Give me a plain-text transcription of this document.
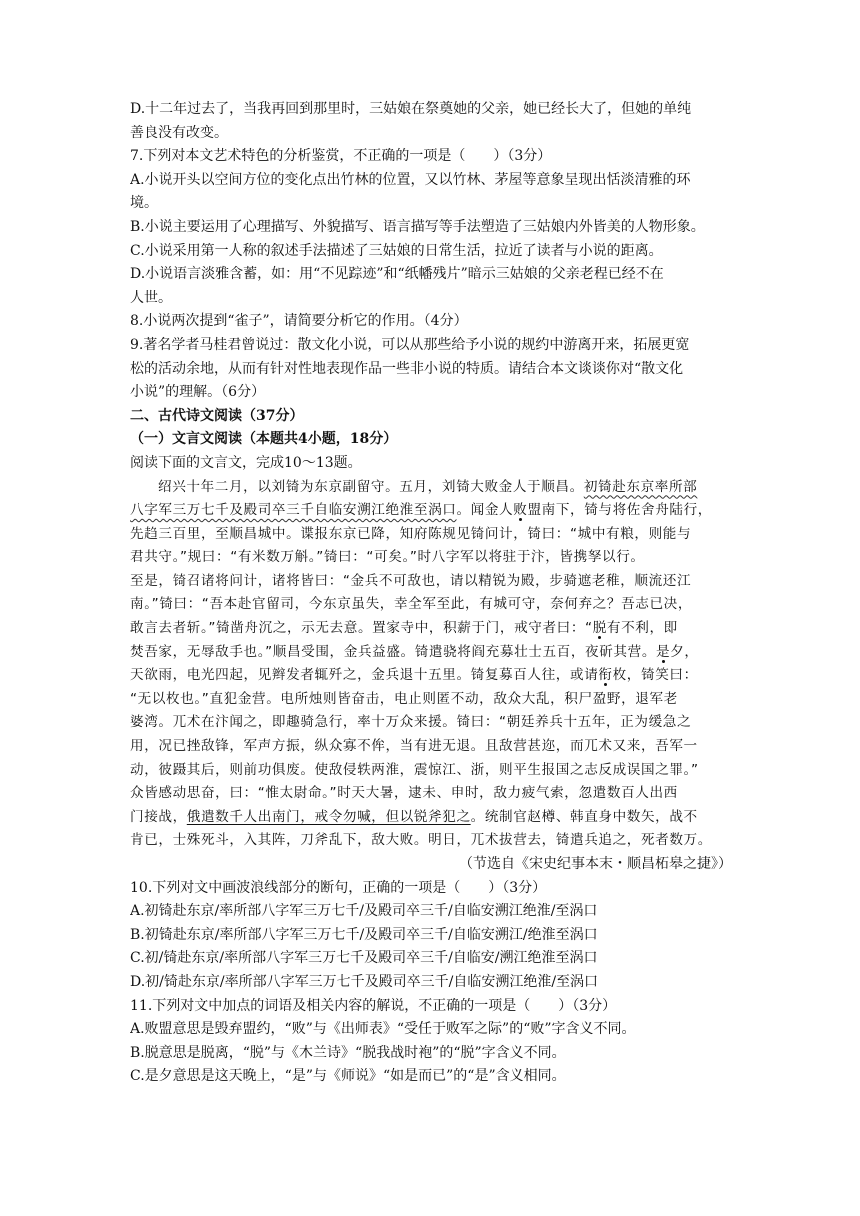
D.十二年过去了，当我再回到那里时，三姑娘在祭奠她的父亲，她已经长大了，但她的单纯
善良没有改变。
7.下列对本文艺术特色的分析鉴赏，不正确的一项是（　　）（3分）
A.小说开头以空间方位的变化点出竹林的位置，又以竹林、茅屋等意象呈现出恬淡清雅的环
境。
B.小说主要运用了心理描写、外貌描写、语言描写等手法塑造了三姑娘内外皆美的人物形象。
C.小说采用第一人称的叙述手法描述了三姑娘的日常生活，拉近了读者与小说的距离。
D.小说语言淡雅含蓄，如：用“不见踪迹”和“纸幡残片”暗示三姑娘的父亲老程已经不在
人世。
8.小说两次提到“雀子”，请简要分析它的作用。（4分）
9.著名学者马桂君曾说过：散文化小说，可以从那些给予小说的规约中游离开来，拓展更宽
松的活动余地，从而有针对性地表现作品一些非小说的特质。请结合本文谈谈你对“散文化
小说”的理解。（6分）
二、古代诗文阅读（37分）
（一）文言文阅读（本题共4小题，18分）
阅读下面的文言文，完成10～13题。
绍兴十年二月，以刘锜为东京副留守。五月，刘锜大败金人于顺昌。初锜赴东京率所部
八字军三万七千及殿司卒三千自临安溯江绝淮至涡口。闻金人败盟南下，锜与将佐舍舟陆行，
先趋三百里，至顺昌城中。谍报东京已降，知府陈规见锜问计，锜曰：“城中有粮，则能与
君共守。”规曰：“有米数万斛。”锜曰：“可矣。”时八字军以将驻于汴，皆携孥以行。
至是，锜召诸将问计，诸将皆曰：“金兵不可敌也，请以精锐为殿，步骑遮老稚，顺流还江
南。”锜曰：“吾本赴官留司，今东京虽失，幸全军至此，有城可守，奈何弃之？吾志已决，
敢言去者斩。”锜凿舟沉之，示无去意。置家寺中，积薪于门，戒守者曰：“脱有不利，即
焚吾家，无辱敌手也。”顺昌受围，金兵益盛。锜遣骁将阎充募壮士五百，夜斫其营。是夕，
天欲雨，电光四起，见辫发者辄歼之，金兵退十五里。锜复募百人往，或请衔枚，锜笑曰：
“无以枚也。”直犯金营。电所烛则皆奋击，电止则匿不动，敌众大乱，积尸盈野，退军老
婆湾。兀术在汴闻之，即趣骑急行，率十万众来援。锜曰：“朝廷养兵十五年，正为缓急之
用，况已挫敌锋，军声方振，纵众寡不侔，当有进无退。且敌营甚迩，而兀术又来，吾军一
动，彼蹑其后，则前功俱废。使敌侵轶两淮，震惊江、浙，则平生报国之志反成误国之罪。”
众皆感动思奋，曰：“惟太尉命。”时天大暑，逮未、申时，敌力疲气索，忽遣数百人出西
门接战，俄遣数千人出南门，戒令勿喊，但以锐斧犯之。统制官赵樽、韩直身中数矢，战不
肯已，士殊死斗，入其阵，刀斧乱下，敌大败。明日，兀术拔营去，锜遣兵追之，死者数万。
（节选自《宋史纪事本末・顺昌柘皋之捷》）
10.下列对文中画波浪线部分的断句，正确的一项是（　　）（3分）
A.初锜赴东京/率所部八字军三万七千/及殿司卒三千/自临安溯江绝淮/至涡口
B.初锜赴东京/率所部八字军三万七千/及殿司卒三千/自临安溯江/绝淮至涡口
C.初/锜赴东京/率所部八字军三万七千及殿司卒三千/自临安/溯江绝淮至涡口
D.初/锜赴东京/率所部八字军三万七千及殿司卒三千/自临安溯江绝淮/至涡口
11.下列对文中加点的词语及相关内容的解说，不正确的一项是（　　）（3分）
A.败盟意思是毁弃盟约，“败”与《出师表》“受任于败军之际”的“败”字含义不同。
B.脱意思是脱离，“脱”与《木兰诗》“脱我战时袍”的“脱”字含义不同。
C.是夕意思是这天晚上，“是”与《师说》“如是而已”的“是”含义相同。
